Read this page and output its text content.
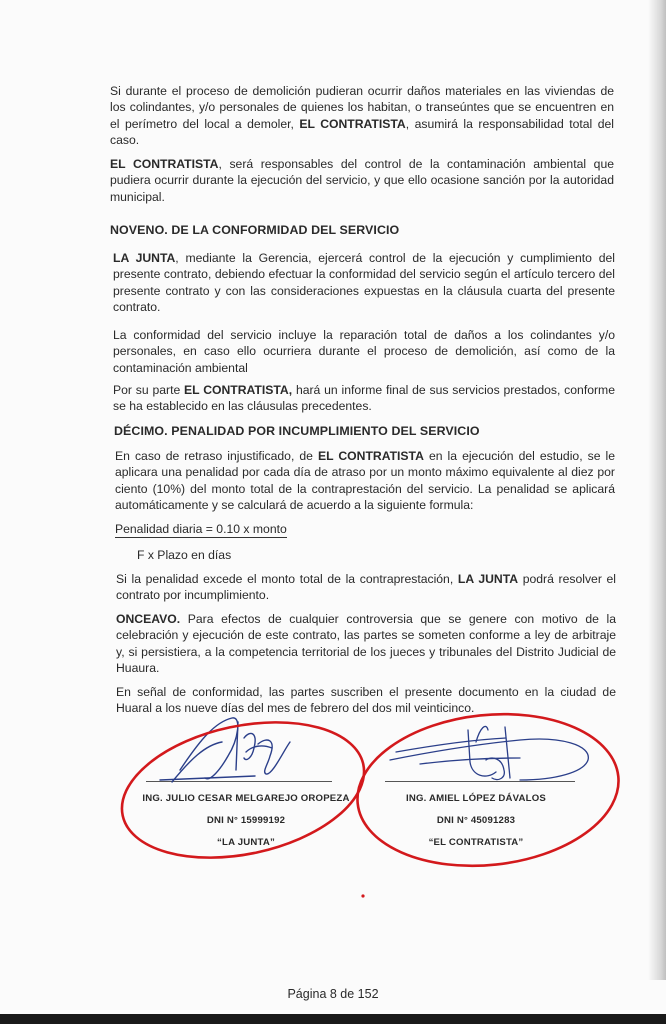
Si durante el proceso de demolición pudieran ocurrir daños materiales en las viviendas de los colindantes, y/o personales de quienes los habitan, o transeúntes que se encuentren en el perímetro del local a demoler, EL CONTRATISTA, asumirá la responsabilidad total del caso.

EL CONTRATISTA, será responsables del control de la contaminación ambiental que pudiera ocurrir durante la ejecución del servicio, y que ello ocasione sanción por la autoridad municipal.

NOVENO. DE LA CONFORMIDAD DEL SERVICIO

LA JUNTA, mediante la Gerencia, ejercerá control de la ejecución y cumplimiento del presente contrato, debiendo efectuar la conformidad del servicio según el artículo tercero del presente contrato y con las consideraciones expuestas en la cláusula cuarta del presente contrato.

La conformidad del servicio incluye la reparación total de daños a los colindantes y/o personales, en caso ello ocurriera durante el proceso de demolición, así como de la contaminación ambiental

Por su parte EL CONTRATISTA, hará un informe final de sus servicios prestados, conforme se ha establecido en las cláusulas precedentes.

DÉCIMO. PENALIDAD POR INCUMPLIMIENTO DEL SERVICIO

En caso de retraso injustificado, de EL CONTRATISTA en la ejecución del estudio, se le aplicara una penalidad por cada día de atraso por un monto máximo equivalente al diez por ciento (10%) del monto total de la contraprestación del servicio. La penalidad se aplicará automáticamente y se calculará de acuerdo a la siguiente formula:

Penalidad diaria = 0.10 x monto
F x Plazo en días

Si la penalidad excede el monto total de la contraprestación, LA JUNTA podrá resolver el contrato por incumplimiento.

ONCEAVO. Para efectos de cualquier controversia que se genere con motivo de la celebración y ejecución de este contrato, las partes se someten conforme a ley de arbitraje y, si persistiera, a la competencia territorial de los jueces y tribunales del Distrito Judicial de Huaura.

En señal de conformidad, las partes suscriben el presente documento en la ciudad de Huaral a los nueve días del mes de febrero del dos mil veinticinco.

ING. JULIO CESAR MELGAREJO OROPEZA
DNI N° 15999192
“LA JUNTA”
ING. AMIEL LÓPEZ DÁVALOS
DNI N° 45091283
“EL CONTRATISTA”
Página 8 de 152
